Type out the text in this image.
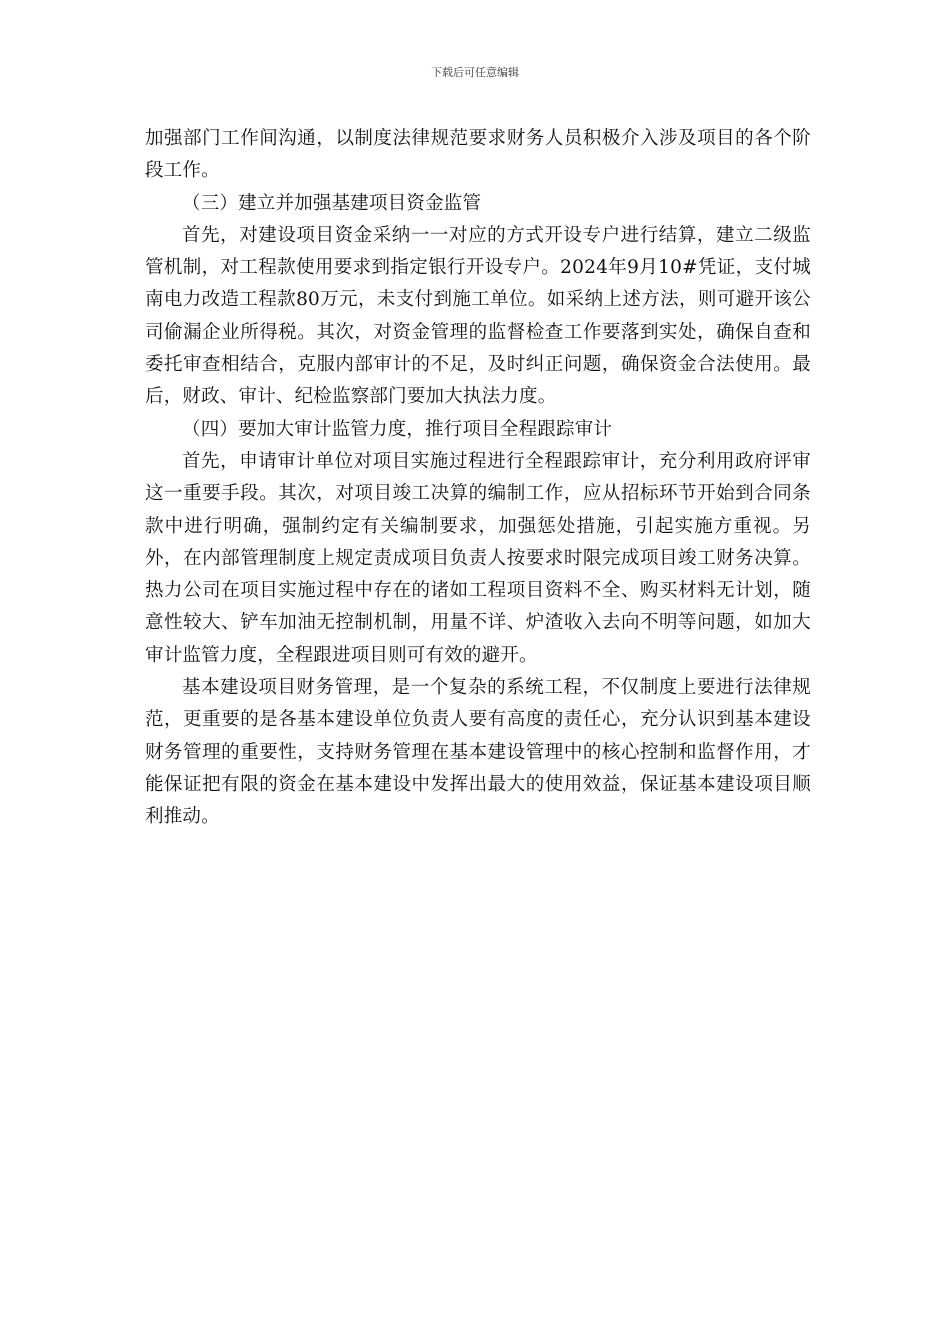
下载后可任意编辑

加强部门工作间沟通，以制度法律规范要求财务人员积极介入涉及项目的各个阶段工作。

（三）建立并加强基建项目资金监管

首先，对建设项目资金采纳一一对应的方式开设专户进行结算，建立二级监管机制，对工程款使用要求到指定银行开设专户。2024年9月10#凭证，支付城南电力改造工程款80万元，未支付到施工单位。如采纳上述方法，则可避开该公司偷漏企业所得税。其次，对资金管理的监督检查工作要落到实处，确保自查和委托审查相结合，克服内部审计的不足，及时纠正问题，确保资金合法使用。最后，财政、审计、纪检监察部门要加大执法力度。

（四）要加大审计监管力度，推行项目全程跟踪审计

首先，申请审计单位对项目实施过程进行全程跟踪审计，充分利用政府评审这一重要手段。其次，对项目竣工决算的编制工作，应从招标环节开始到合同条款中进行明确，强制约定有关编制要求，加强惩处措施，引起实施方重视。另外，在内部管理制度上规定责成项目负责人按要求时限完成项目竣工财务决算。热力公司在项目实施过程中存在的诸如工程项目资料不全、购买材料无计划，随意性较大、铲车加油无控制机制，用量不详、炉渣收入去向不明等问题，如加大审计监管力度，全程跟进项目则可有效的避开。

基本建设项目财务管理，是一个复杂的系统工程，不仅制度上要进行法律规范，更重要的是各基本建设单位负责人要有高度的责任心，充分认识到基本建设财务管理的重要性，支持财务管理在基本建设管理中的核心控制和监督作用，才能保证把有限的资金在基本建设中发挥出最大的使用效益，保证基本建设项目顺利推动。
